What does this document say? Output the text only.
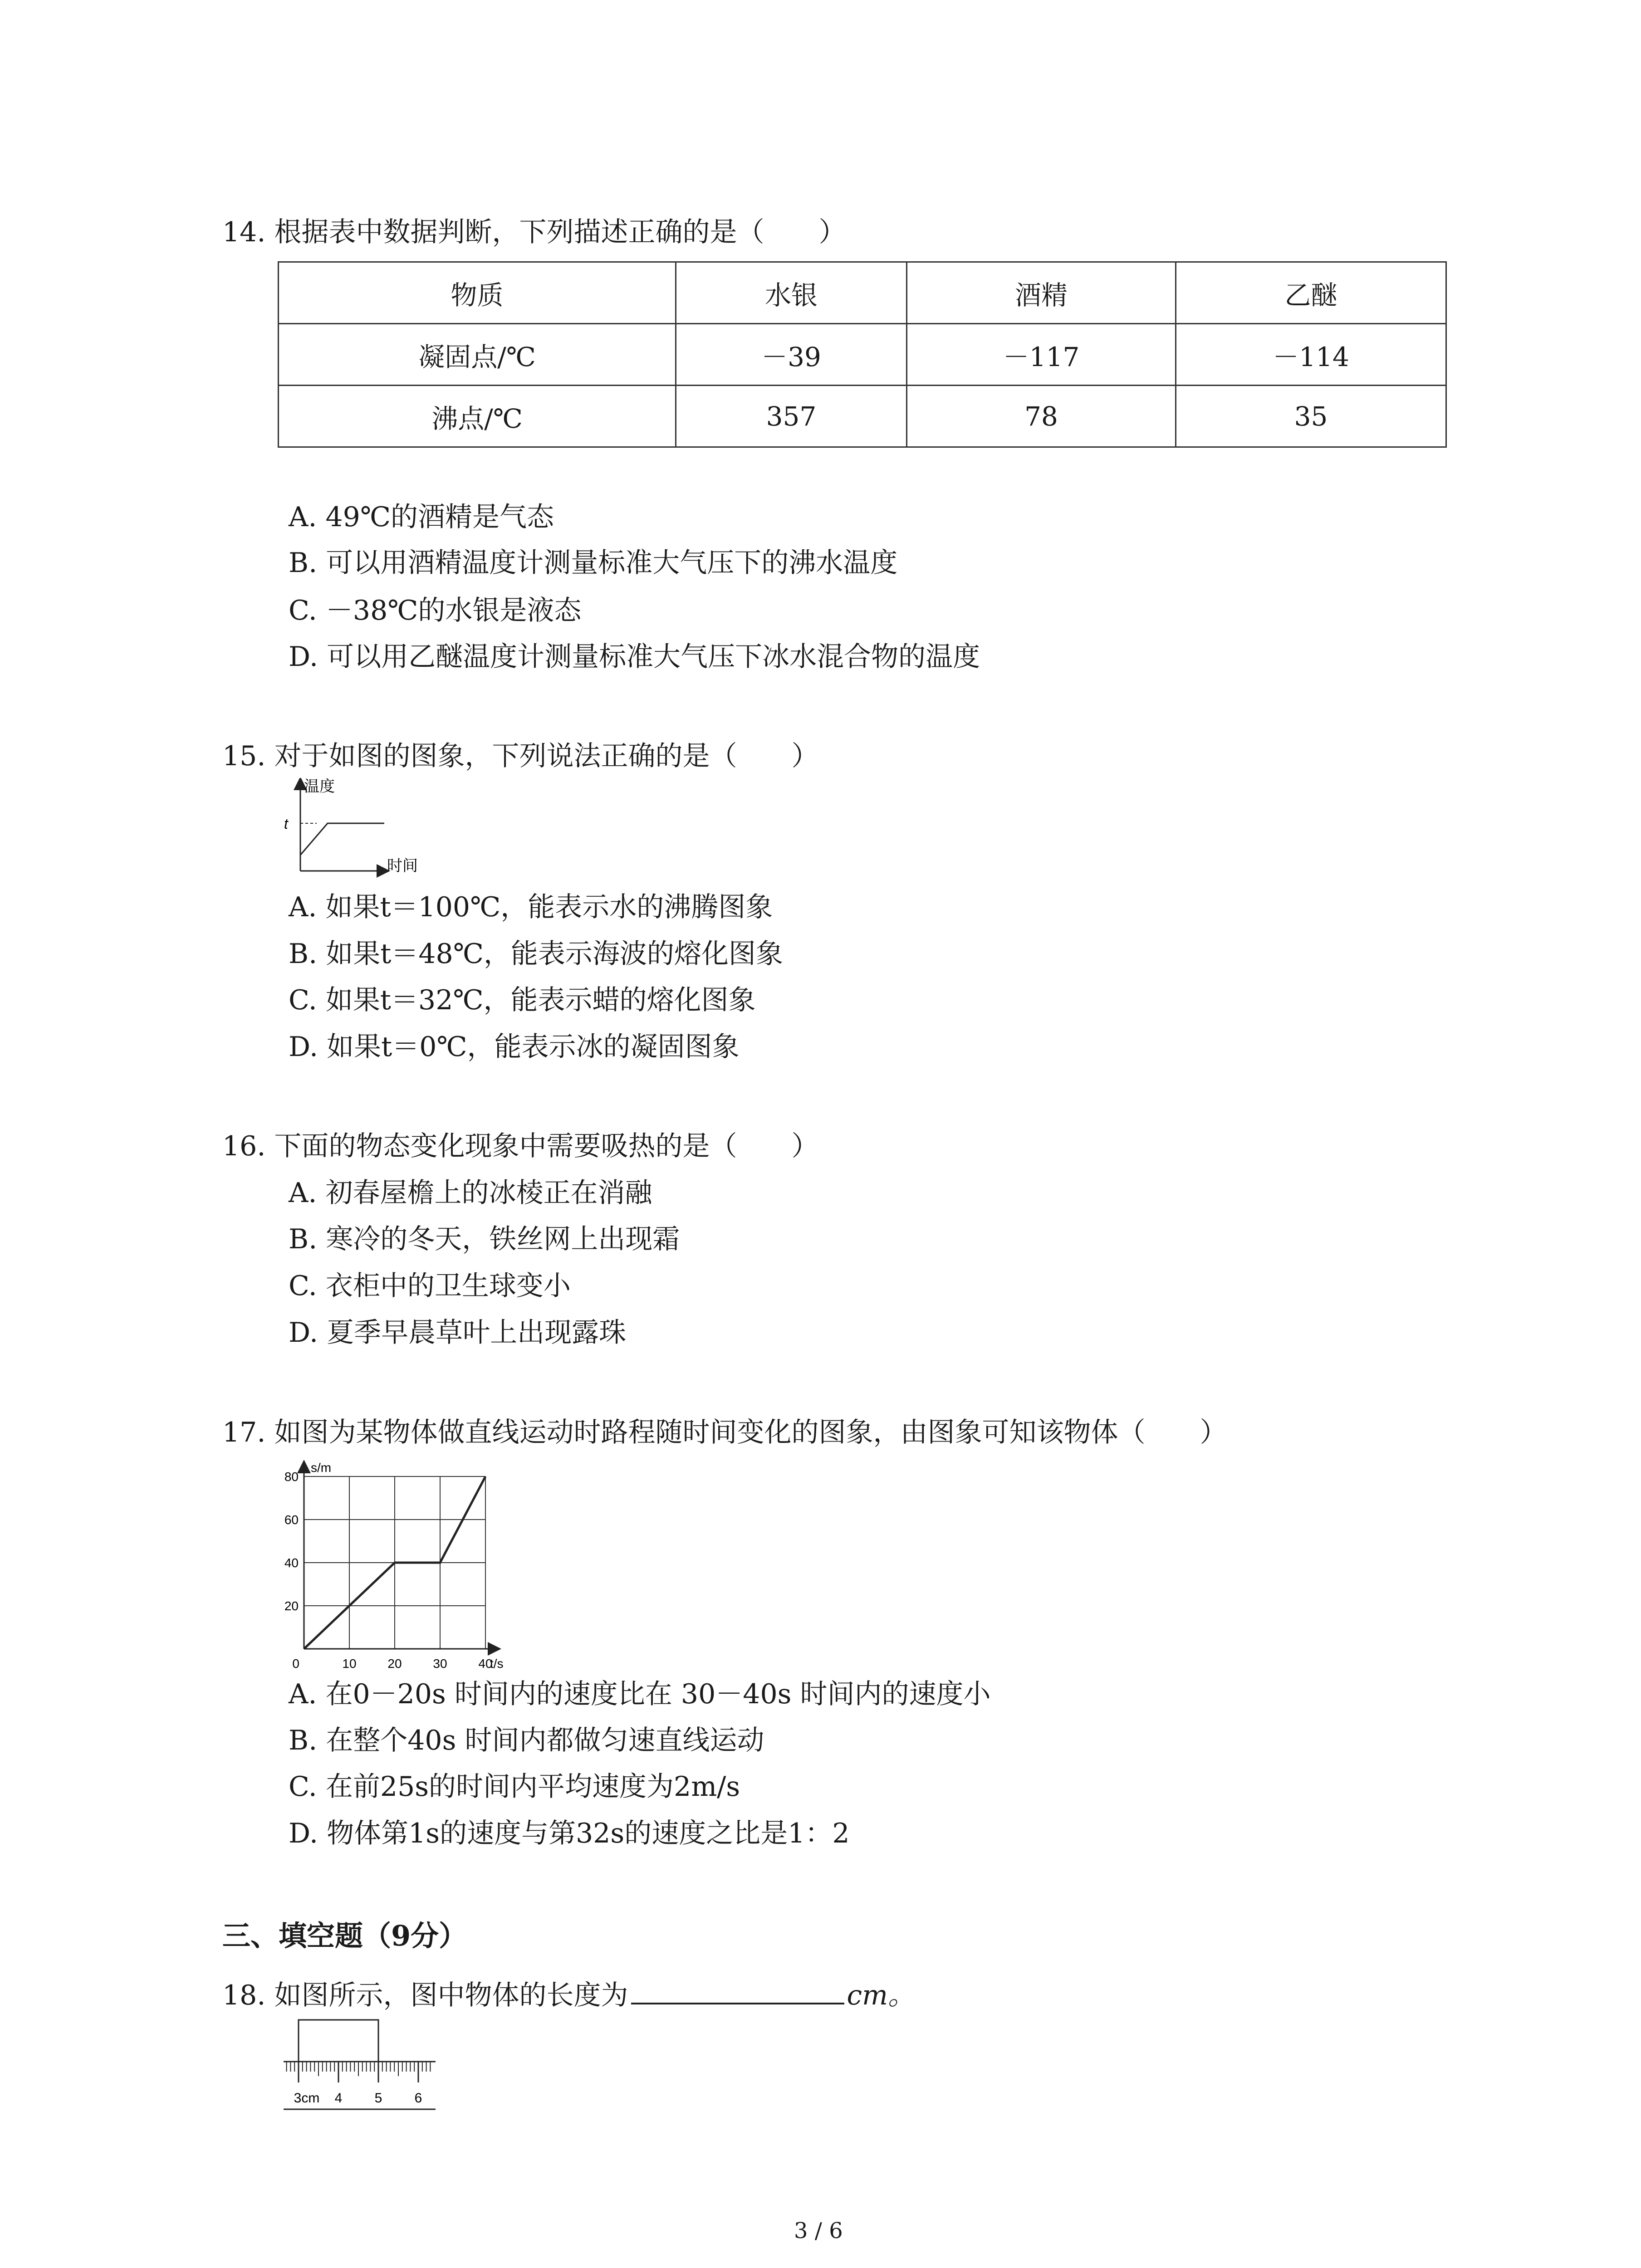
14. 根据表中数据判断，下列描述正确的是（　　）
物质	水银	酒精	乙醚
凝固点/℃	－39	－117	－114
沸点/℃	357	78	35
A. 49℃的酒精是气态
B. 可以用酒精温度计测量标准大气压下的沸水温度
C. －38℃的水银是液态
D. 可以用乙醚温度计测量标准大气压下冰水混合物的温度
15. 对于如图的图象，下列说法正确的是（　　）
温度
t
时间
A. 如果t＝100℃，能表示水的沸腾图象
B. 如果t＝48℃，能表示海波的熔化图象
C. 如果t＝32℃，能表示蜡的熔化图象
D. 如果t＝0℃，能表示冰的凝固图象
16. 下面的物态变化现象中需要吸热的是（　　）
A. 初春屋檐上的冰棱正在消融
B. 寒冷的冬天，铁丝网上出现霜
C. 衣柜中的卫生球变小
D. 夏季早晨草叶上出现露珠
17. 如图为某物体做直线运动时路程随时间变化的图象，由图象可知该物体（　　）
10 20 30 40
20
40
60
80
0
s/m
t/s
A. 在0－20s 时间内的速度比在 30－40s 时间内的速度小
B. 在整个40s 时间内都做匀速直线运动
C. 在前25s的时间内平均速度为2m/s
D. 物体第1s的速度与第32s的速度之比是1：2
三、填空题（9分）
18. 如图所示，图中物体的长度为	cm。
3cm 4 5 6
3 / 6
